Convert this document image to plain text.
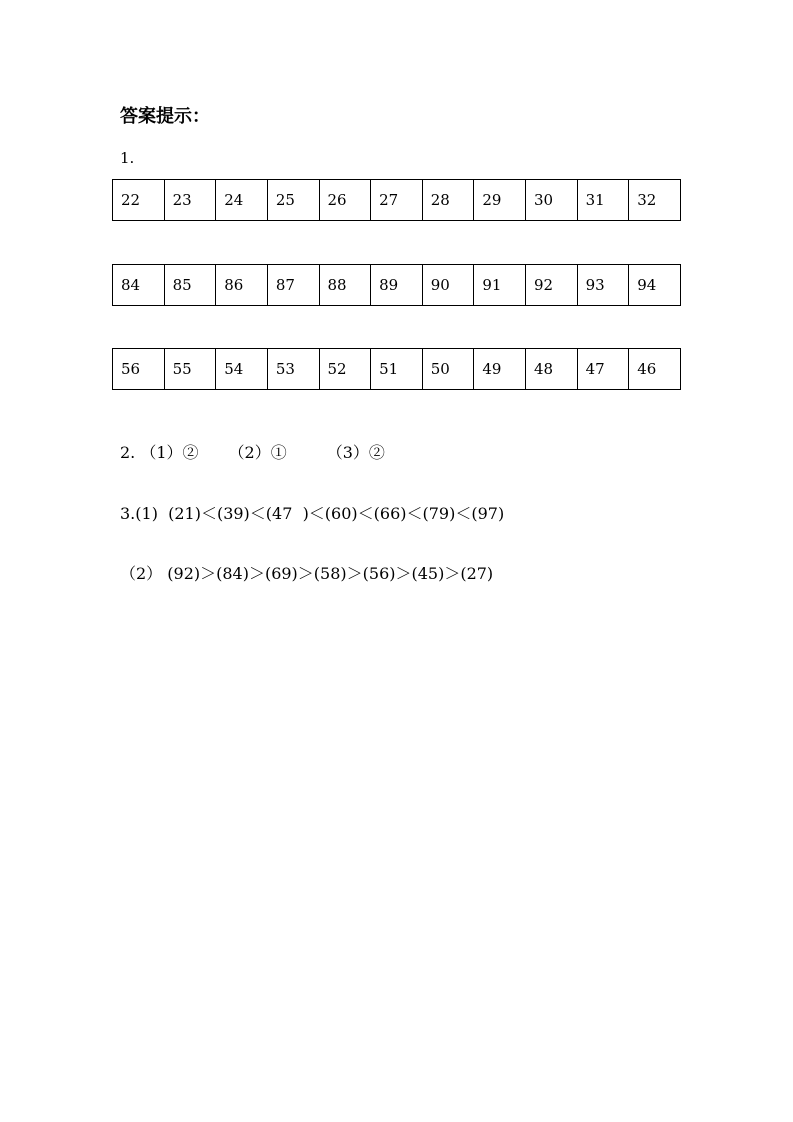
答案提示：
1.
22	23	24	25	26	27	28	29	30	31	32
84	85	86	87	88	89	90	91	92	93	94
56	55	54	53	52	51	50	49	48	47	46
2. （1）② （2）①	（3）②
3.(1)  (21)＜(39)＜(47  )＜(60)＜(66)＜(79)＜(97)
（2） (92)＞(84)＞(69)＞(58)＞(56)＞(45)＞(27)
